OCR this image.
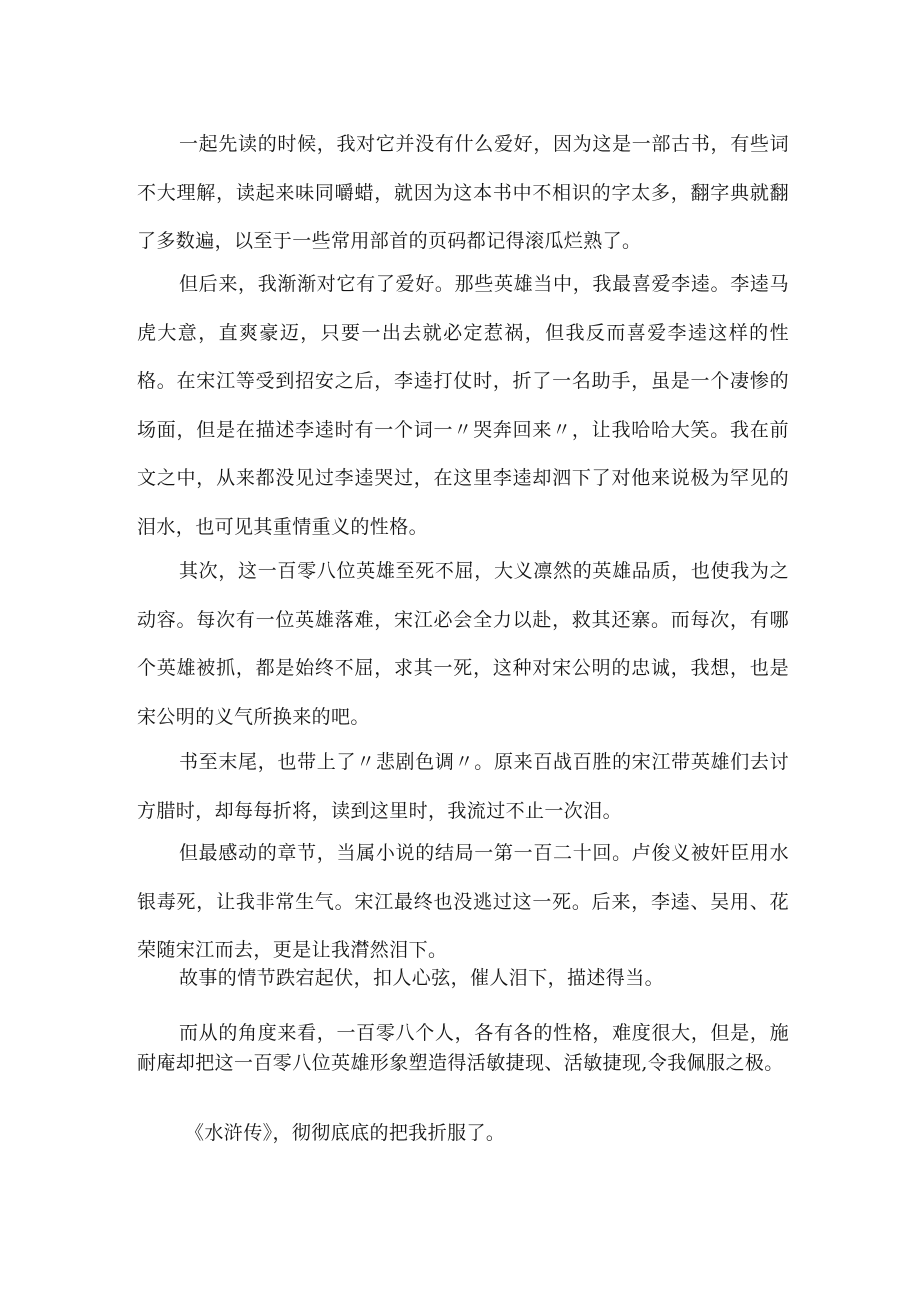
一起先读的时候，我对它并没有什么爱好，因为这是一部古书，有些词不大理解，读起来味同嚼蜡，就因为这本书中不相识的字太多，翻字典就翻了多数遍，以至于一些常用部首的页码都记得滚瓜烂熟了。

但后来，我渐渐对它有了爱好。那些英雄当中，我最喜爱李逵。李逵马虎大意，直爽豪迈，只要一出去就必定惹祸，但我反而喜爱李逵这样的性格。在宋江等受到招安之后，李逵打仗时，折了一名助手，虽是一个凄惨的场面，但是在描述李逵时有一个词一〃哭奔回来〃，让我哈哈大笑。我在前文之中，从来都没见过李逵哭过，在这里李逵却泗下了对他来说极为罕见的泪水，也可见其重情重义的性格。

其次，这一百零八位英雄至死不屈，大义凛然的英雄品质，也使我为之动容。每次有一位英雄落难，宋江必会全力以赴，救其还寨。而每次，有哪个英雄被抓，都是始终不屈，求其一死，这种对宋公明的忠诚，我想，也是宋公明的义气所换来的吧。

书至末尾，也带上了〃悲剧色调〃。原来百战百胜的宋江带英雄们去讨方腊时，却每每折将，读到这里时，我流过不止一次泪。

但最感动的章节，当属小说的结局一第一百二十回。卢俊义被奸臣用水银毒死，让我非常生气。宋江最终也没逃过这一死。后来，李逵、吴用、花荣随宋江而去，更是让我潸然泪下。

故事的情节跌宕起伏，扣人心弦，催人泪下，描述得当。

而从的角度来看，一百零八个人，各有各的性格，难度很大，但是，施耐庵却把这一百零八位英雄形象塑造得活敏捷现、活敏捷现,令我佩服之极。

《水浒传》，彻彻底底的把我折服了。
